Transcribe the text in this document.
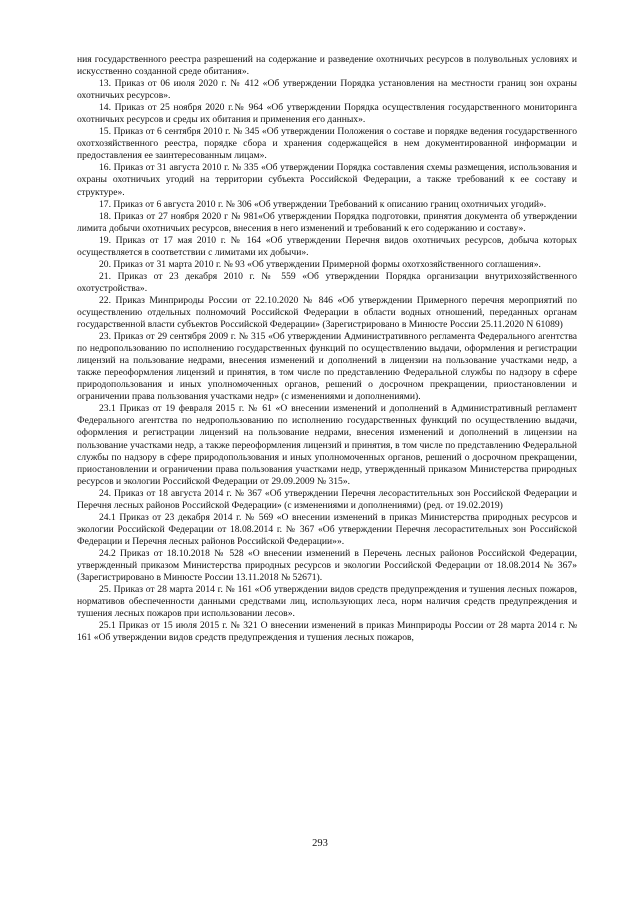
ния государственного реестра разрешений на содержание и разведение охотничьих ресурсов в полувольных условиях и искусственно созданной среде обитания».

13. Приказ от 06 июля 2020 г. № 412 «Об утверждении Порядка установления на местности границ зон охраны охотничьих ресурсов».

14. Приказ от 25 ноября 2020 г.№ 964 «Об утверждении Порядка осуществления государственного мониторинга охотничьих ресурсов и среды их обитания и применения его данных».

15. Приказ от 6 сентября 2010 г. № 345 «Об утверждении Положения о составе и порядке ведения государственного охотхозяйственного реестра, порядке сбора и хранения содержащейся в нем документированной информации и предоставления ее заинтересованным лицам».

16. Приказ от 31 августа 2010 г. № 335 «Об утверждении Порядка составления схемы размещения, использования и охраны охотничьих угодий на территории субъекта Российской Федерации, а также требований к ее составу и структуре».

17. Приказ от 6 августа 2010 г. № 306 «Об утверждении Требований к описанию границ охотничьих угодий».

18. Приказ от 27 ноября 2020 г № 981«Об утверждении Порядка подготовки, принятия документа об утверждении лимита добычи охотничьих ресурсов, внесения в него изменений и требований к его содержанию и составу».

19. Приказ от 17 мая 2010 г. № 164 «Об утверждении Перечня видов охотничьих ресурсов, добыча которых осуществляется в соответствии с лимитами их добычи».

20. Приказ от 31 марта 2010 г. № 93 «Об утверждении Примерной формы охотхозяйственного соглашения».

21. Приказ от 23 декабря 2010 г. № 559 «Об утверждении Порядка организации внутрихозяйственного охотустройства».

22. Приказ Минприроды России от 22.10.2020 № 846 «Об утверждении Примерного перечня мероприятий по осуществлению отдельных полномочий Российской Федерации в области водных отношений, переданных органам государственной власти субъектов Российской Федерации» (Зарегистрировано в Минюсте России 25.11.2020 N 61089)

23. Приказ от 29 сентября 2009 г. № 315 «Об утверждении Административного регламента Федерального агентства по недропользованию по исполнению государственных функций по осуществлению выдачи, оформления и регистрации лицензий на пользование недрами, внесения изменений и дополнений в лицензии на пользование участками недр, а также переоформления лицензий и принятия, в том числе по представлению Федеральной службы по надзору в сфере природопользования и иных уполномоченных органов, решений о досрочном прекращении, приостановлении и ограничении права пользования участками недр» (с изменениями и дополнениями).

23.1 Приказ от 19 февраля 2015 г. № 61 «О внесении изменений и дополнений в Административный регламент Федерального агентства по недропользованию по исполнению государственных функций по осуществлению выдачи, оформления и регистрации лицензий на пользование недрами, внесения изменений и дополнений в лицензии на пользование участками недр, а также переоформления лицензий и принятия, в том числе по представлению Федеральной службы по надзору в сфере природопользования и иных уполномоченных органов, решений о досрочном прекращении, приостановлении и ограничении права пользования участками недр, утвержденный приказом Министерства природных ресурсов и экологии Российской Федерации от 29.09.2009 № 315».

24. Приказ от 18 августа 2014 г. № 367 «Об утверждении Перечня лесорастительных зон Российской Федерации и Перечня лесных районов Российской Федерации» (с изменениями и дополнениями) (ред. от 19.02.2019)

24.1 Приказ от 23 декабря 2014 г. № 569 «О внесении изменений в приказ Министерства природных ресурсов и экологии Российской Федерации от 18.08.2014 г. № 367 «Об утверждении Перечня лесорастительных зон Российской Федерации и Перечня лесных районов Российской Федерации»».

24.2 Приказ от 18.10.2018 № 528 «О внесении изменений в Перечень лесных районов Российской Федерации, утвержденный приказом Министерства природных ресурсов и экологии Российской Федерации от 18.08.2014 № 367» (Зарегистрировано в Минюсте России 13.11.2018 № 52671).

25. Приказ от 28 марта 2014 г. № 161 «Об утверждении видов средств предупреждения и тушения лесных пожаров, нормативов обеспеченности данными средствами лиц, использующих леса, норм наличия средств предупреждения и тушения лесных пожаров при использовании лесов».

25.1 Приказ от 15 июля 2015 г. № 321 О внесении изменений в приказ Минприроды России от 28 марта 2014 г. № 161 «Об утверждении видов средств предупреждения и тушения лесных пожаров,

293
